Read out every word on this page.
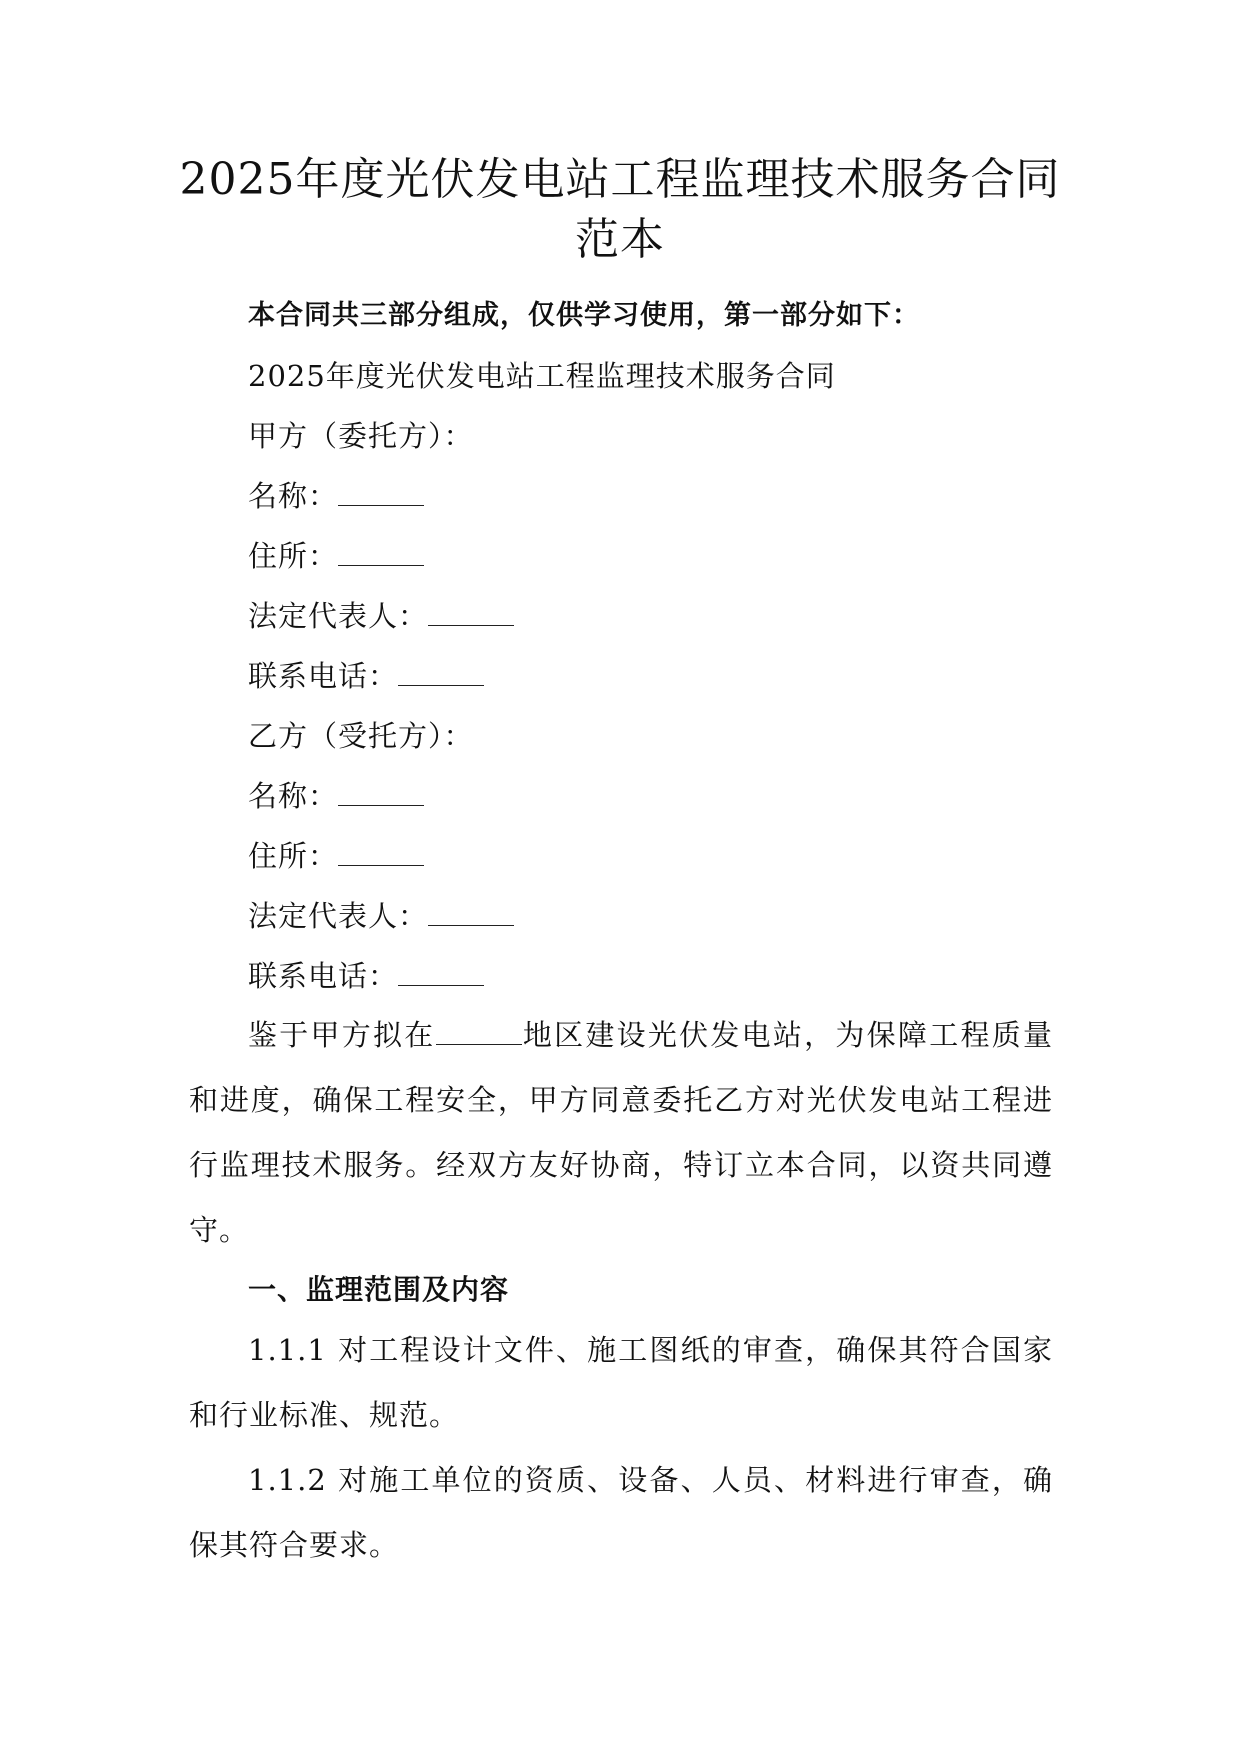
2025年度光伏发电站工程监理技术服务合同范本

本合同共三部分组成，仅供学习使用，第一部分如下：

2025年度光伏发电站工程监理技术服务合同

甲方（委托方）：

名称：

住所：

法定代表人：

联系电话：

乙方（受托方）：

名称：

住所：

法定代表人：

联系电话：

鉴于甲方拟在	地区建设光伏发电站，为保障工程质量和进度，确保工程安全，甲方同意委托乙方对光伏发电站工程进行监理技术服务。经双方友好协商，特订立本合同，以资共同遵守。

一、监理范围及内容

1.1.1 对工程设计文件、施工图纸的审查，确保其符合国家和行业标准、规范。

1.1.2 对施工单位的资质、设备、人员、材料进行审查，确保其符合要求。
